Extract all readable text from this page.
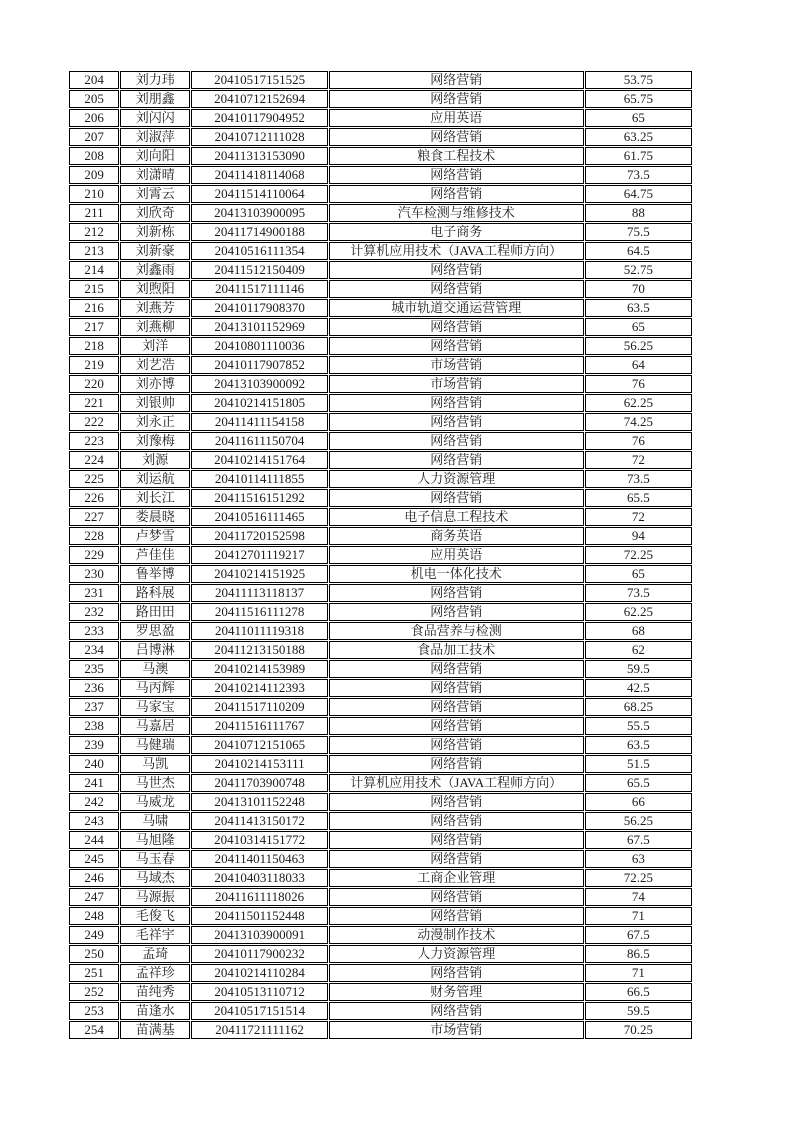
204	刘力玮	20410517151525	网络营销	53.75
205	刘朋鑫	20410712152694	网络营销	65.75
206	刘闪闪	20410117904952	应用英语	65
207	刘淑萍	20410712111028	网络营销	63.25
208	刘向阳	20411313153090	粮食工程技术	61.75
209	刘潇晴	20411418114068	网络营销	73.5
210	刘霄云	20411514110064	网络营销	64.75
211	刘欣奇	20413103900095	汽车检测与维修技术	88
212	刘新栋	20411714900188	电子商务	75.5
213	刘新豪	20410516111354	计算机应用技术（JAVA工程师方向）	64.5
214	刘鑫雨	20411512150409	网络营销	52.75
215	刘煦阳	20411517111146	网络营销	70
216	刘燕芳	20410117908370	城市轨道交通运营管理	63.5
217	刘燕柳	20413101152969	网络营销	65
218	刘洋	20410801110036	网络营销	56.25
219	刘艺浩	20410117907852	市场营销	64
220	刘亦博	20413103900092	市场营销	76
221	刘银帅	20410214151805	网络营销	62.25
222	刘永正	20411411154158	网络营销	74.25
223	刘豫梅	20411611150704	网络营销	76
224	刘源	20410214151764	网络营销	72
225	刘运航	20410114111855	人力资源管理	73.5
226	刘长江	20411516151292	网络营销	65.5
227	娄晨晓	20410516111465	电子信息工程技术	72
228	卢梦雪	20411720152598	商务英语	94
229	芦佳佳	20412701119217	应用英语	72.25
230	鲁举博	20410214151925	机电一体化技术	65
231	路科展	20411113118137	网络营销	73.5
232	路田田	20411516111278	网络营销	62.25
233	罗思盈	20411011119318	食品营养与检测	68
234	吕博淋	20411213150188	食品加工技术	62
235	马澳	20410214153989	网络营销	59.5
236	马丙辉	20410214112393	网络营销	42.5
237	马家宝	20411517110209	网络营销	68.25
238	马嘉居	20411516111767	网络营销	55.5
239	马健瑞	20410712151065	网络营销	63.5
240	马凯	20410214153111	网络营销	51.5
241	马世杰	20411703900748	计算机应用技术（JAVA工程师方向）	65.5
242	马威龙	20413101152248	网络营销	66
243	马啸	20411413150172	网络营销	56.25
244	马旭隆	20410314151772	网络营销	67.5
245	马玉春	20411401150463	网络营销	63
246	马域杰	20410403118033	工商企业管理	72.25
247	马源振	20411611118026	网络营销	74
248	毛俊飞	20411501152448	网络营销	71
249	毛祥宇	20413103900091	动漫制作技术	67.5
250	孟琦	20410117900232	人力资源管理	86.5
251	孟祥珍	20410214110284	网络营销	71
252	苗纯秀	20410513110712	财务管理	66.5
253	苗逢水	20410517151514	网络营销	59.5
254	苗满基	20411721111162	市场营销	70.25
